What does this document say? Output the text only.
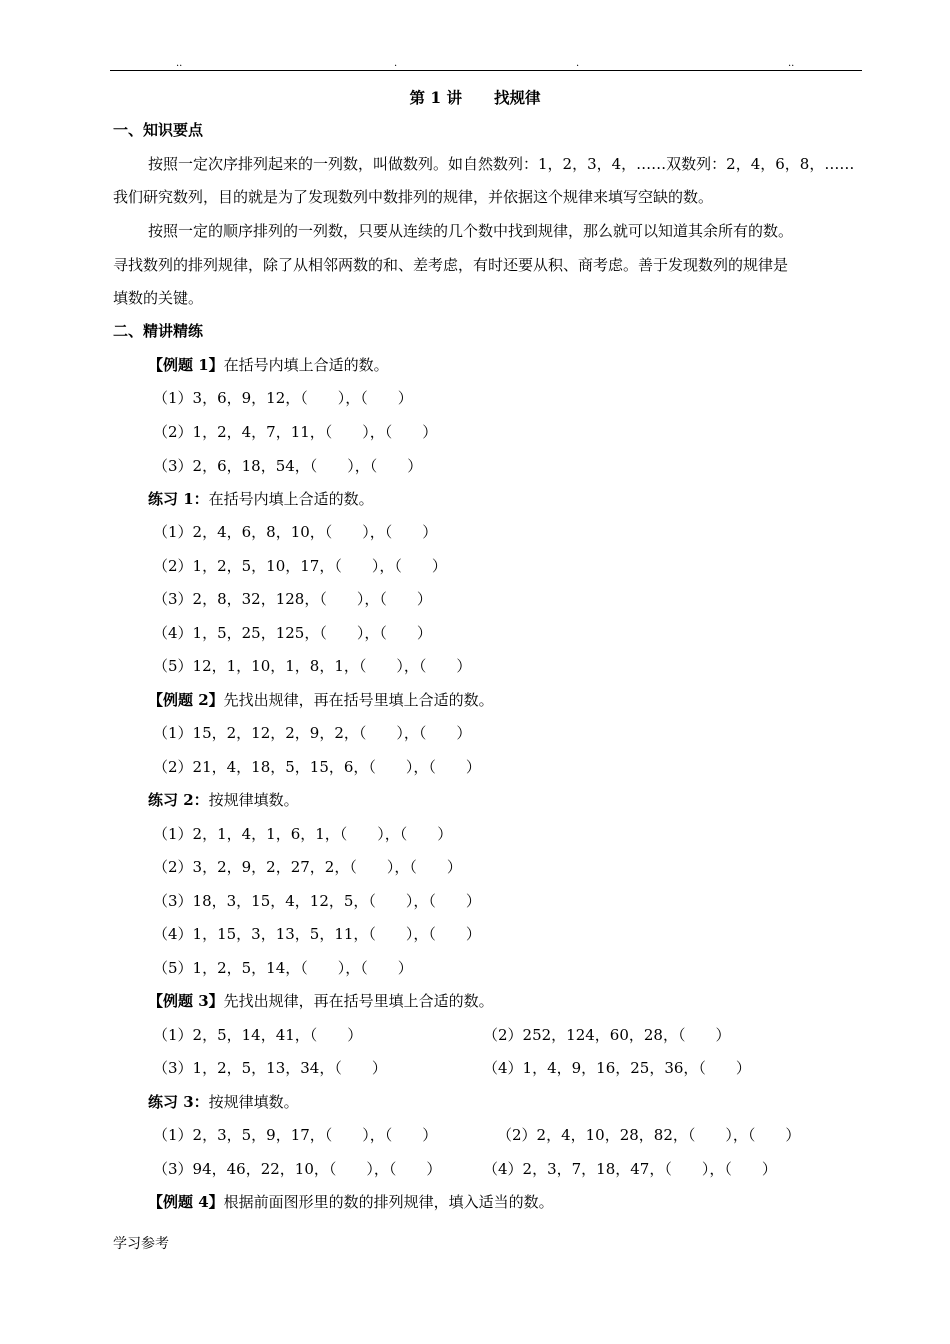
..	.	.	..
第 1 讲 找规律
一、知识要点
按照一定次序排列起来的一列数，叫做数列。如自然数列：1，2，3，4，……双数列：2，4，6，8，……
我们研究数列，目的就是为了发现数列中数排列的规律，并依据这个规律来填写空缺的数。
按照一定的顺序排列的一列数，只要从连续的几个数中找到规律，那么就可以知道其余所有的数。
寻找数列的排列规律，除了从相邻两数的和、差考虑，有时还要从积、商考虑。善于发现数列的规律是
填数的关键。
二、精讲精练
【例题 1】在括号内填上合适的数。
（1）3，6，9，12，（　　），（　　）
（2）1，2，4，7，11，（　　），（　　）
（3）2，6，18，54，（　　），（　　）
练习 1：在括号内填上合适的数。
（1）2，4，6，8，10，（　　），（　　）
（2）1，2，5，10，17，（　　），（　　）
（3）2，8，32，128，（　　），（　　）
（4）1，5，25，125，（　　），（　　）
（5）12，1，10，1，8，1，（　　），（　　）
【例题 2】先找出规律，再在括号里填上合适的数。
（1）15，2，12，2，9，2，（　　），（　　）
（2）21，4，18，5，15，6，（　　），（　　）
练习 2：按规律填数。
（1）2，1，4，1，6，1，（　　），（　　）
（2）3，2，9，2，27，2，（　　），（　　）
（3）18，3，15，4，12，5，（　　），（　　）
（4）1，15，3，13，5，11，（　　），（　　）
（5）1，2，5，14，（　　），（　　）
【例题 3】先找出规律，再在括号里填上合适的数。
（1）2，5，14，41，（　　）	（2）252，124，60，28，（　　）
（3）1，2，5，13，34，（　　）	（4）1，4，9，16，25，36，（　　）
练习 3：按规律填数。
（1）2，3，5，9，17，（　　），（　　）	（2）2，4，10，28，82，（　　），（　　）
（3）94，46，22，10，（　　），（　　）	（4）2，3，7，18，47，（　　），（　　）
【例题 4】根据前面图形里的数的排列规律，填入适当的数。
学习参考
